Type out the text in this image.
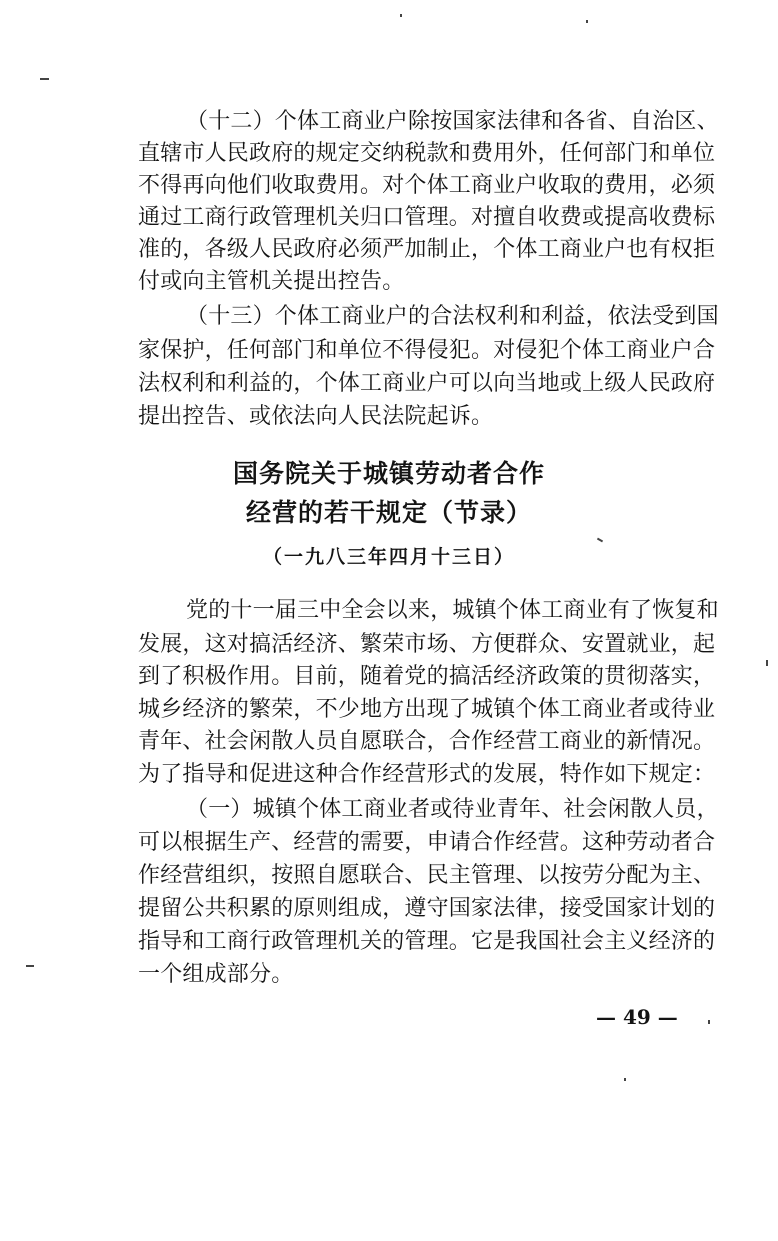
（十二）个体工商业户除按国家法律和各省、自治区、
直辖市人民政府的规定交纳税款和费用外，任何部门和单位
不得再向他们收取费用。对个体工商业户收取的费用，必须
通过工商行政管理机关归口管理。对擅自收费或提高收费标
准的，各级人民政府必须严加制止，个体工商业户也有权拒
付或向主管机关提出控告。
（十三）个体工商业户的合法权利和利益，依法受到国
家保护，任何部门和单位不得侵犯。对侵犯个体工商业户合
法权利和利益的，个体工商业户可以向当地或上级人民政府
提出控告、或依法向人民法院起诉。
国务院关于城镇劳动者合作
经营的若干规定（节录）
（一九八三年四月十三日）
党的十一届三中全会以来，城镇个体工商业有了恢复和
发展，这对搞活经济、繁荣市场、方便群众、安置就业，起
到了积极作用。目前，随着党的搞活经济政策的贯彻落实，
城乡经济的繁荣，不少地方出现了城镇个体工商业者或待业
青年、社会闲散人员自愿联合，合作经营工商业的新情况。
为了指导和促进这种合作经营形式的发展，特作如下规定：
（一）城镇个体工商业者或待业青年、社会闲散人员，
可以根据生产、经营的需要，申请合作经营。这种劳动者合
作经营组织，按照自愿联合、民主管理、以按劳分配为主、
提留公共积累的原则组成，遵守国家法律，接受国家计划的
指导和工商行政管理机关的管理。它是我国社会主义经济的
一个组成部分。
— 49 —
